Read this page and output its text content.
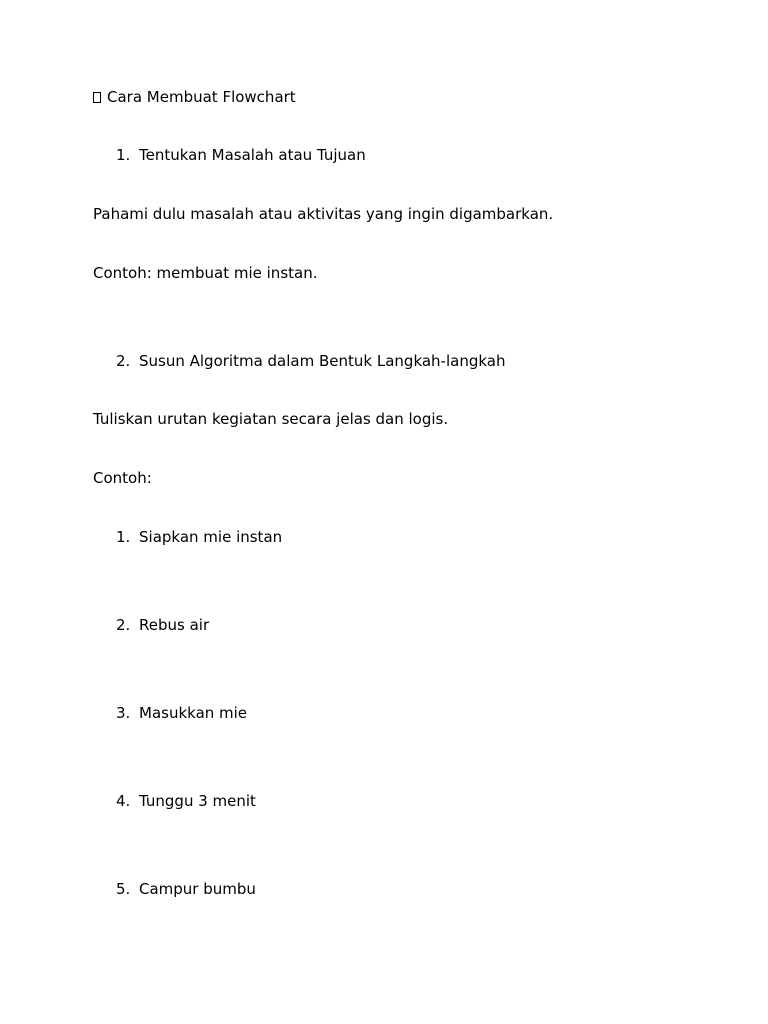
Cara Membuat Flowchart
1. Tentukan Masalah atau Tujuan
Pahami dulu masalah atau aktivitas yang ingin digambarkan.
Contoh: membuat mie instan.
2. Susun Algoritma dalam Bentuk Langkah-langkah
Tuliskan urutan kegiatan secara jelas dan logis.
Contoh:
1. Siapkan mie instan
2. Rebus air
3. Masukkan mie
4. Tunggu 3 menit
5. Campur bumbu
